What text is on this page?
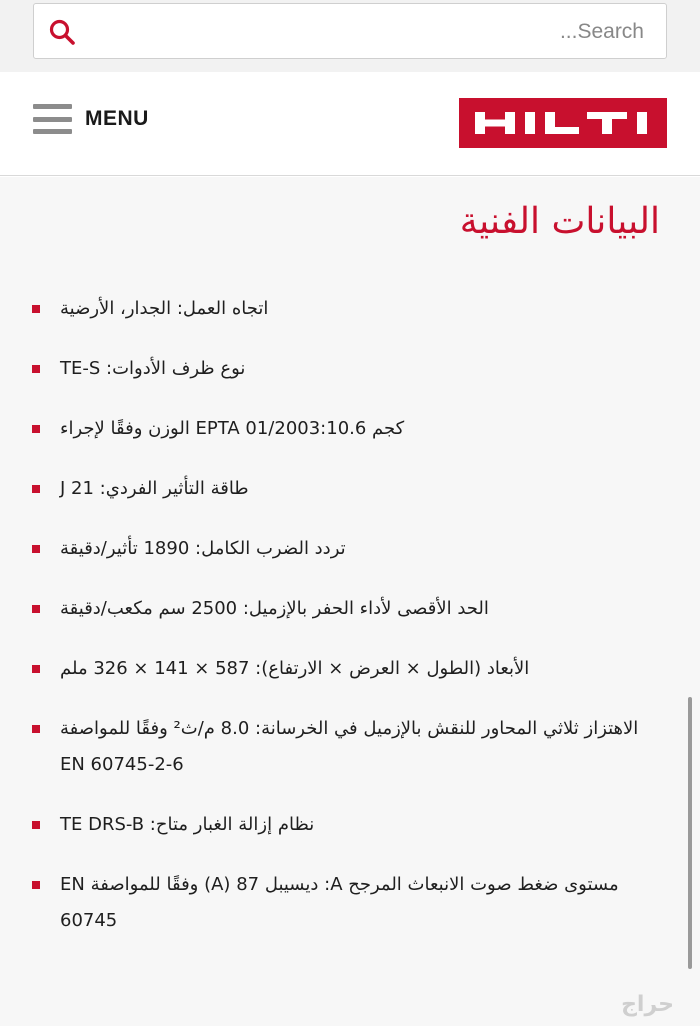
Search...
MENU
البيانات الفنية
اتجاه العمل: الجدار، الأرضية
TE-S :نوع ظرف الأدوات
كجم EPTA 01/2003:10.6 الوزن وفقًا لإجراء
J طاقة التأثير الفردي: 21
تردد الضرب الكامل: 1890 تأثير/دقيقة
الحد الأقصى لأداء الحفر بالإزميل: 2500 سم مكعب/دقيقة
الأبعاد (الطول × العرض × الارتفاع): 587 × 141 × 326 ملم
الاهتزاز ثلاثي المحاور للنقش بالإزميل في الخرسانة: 8.0 م/ث² وفقًا للمواصفة EN 60745-2-6
TE DRS-B :نظام إزالة الغبار متاح
EN وفقًا للمواصفة (A) ديسيبل 87 :A مستوى ضغط صوت الانبعاث المرجح 60745
حراج
